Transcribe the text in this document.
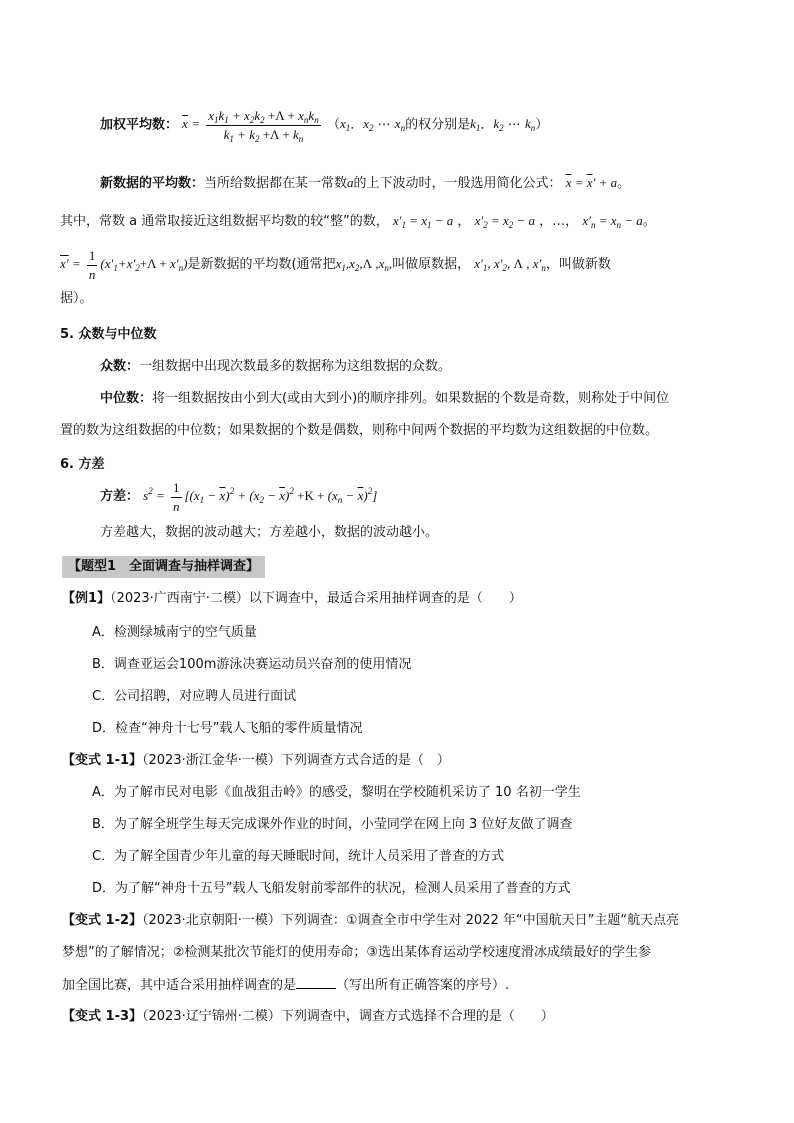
加权平均数： $\overline{x} = \frac{x_1k_1 + x_2k_2 +\Lambda + x_nk_n}{k_1 + k_2 +\Lambda + k_n} (x_1$．$x_2$ ⋯ $x_n$的权分别是$k_1$．$k_2$ ⋯ $k_n$）
新数据的平均数：当所给数据都在某一常数a的上下波动时，一般选用简化公式： $\overline{x} = \overline{x}' + a$。
其中，常数 a 通常取接近这组数据平均数的较“整”的数， $x'_1 = x_1 - a$ ， $x'_2 = x_2 - a$ ，…， $x'_n = x_n - a$。
$x' = \frac{1}{n} (x'_1+x'_2+\Lambda + x'_n)$是新数据的平均数(通常把$x_1,x_2,\Lambda$ $,x_n$,叫做原数据， $x'_1$, $x'_2$, Λ , $x'_n$，叫做新数
据）。
5. 众数与中位数
众数：一组数据中出现次数最多的数据称为这组数据的众数。
中位数：将一组数据按由小到大(或由大到小)的顺序排列。如果数据的个数是奇数，则称处于中间位
置的数为这组数据的中位数；如果数据的个数是偶数，则称中间两个数据的平均数为这组数据的中位数。
6. 方差
方差： $s^2 = \frac{1}{n} [(x_1 - \overline{x})^2 + (x_2 - \overline{x})^2 +K + (x_n - \overline{x})^2]$
方差越大，数据的波动越大；方差越小，数据的波动越小。
【题型1　全面调查与抽样调查】
【例1】（2023·广西南宁·二模）以下调查中，最适合采用抽样调查的是（　　）
A．检测绿城南宁的空气质量
B．调查亚运会100m游泳决赛运动员兴奋剂的使用情况
C．公司招聘，对应聘人员进行面试
D．检查“神舟十七号”载人飞船的零件质量情况
【变式 1-1】（2023·浙江金华·一模）下列调查方式合适的是（　）
A．为了解市民对电影《血战狙击岭》的感受，黎明在学校随机采访了 10 名初一学生
B．为了解全班学生每天完成课外作业的时间，小莹同学在网上向 3 位好友做了调查
C．为了解全国青少年儿童的每天睡眠时间，统计人员采用了普查的方式
D．为了解“神舟十五号”载人飞船发射前零部件的状况，检测人员采用了普查的方式
【变式 1-2】（2023·北京朝阳·一模）下列调查：①调查全市中学生对 2022 年“中国航天日”主题“航天点亮
梦想”的了解情况；②检测某批次节能灯的使用寿命；③选出某体育运动学校速度滑冰成绩最好的学生参
加全国比赛，其中适合采用抽样调查的是	（写出所有正确答案的序号）.
【变式 1-3】（2023·辽宁锦州·二模）下列调查中，调查方式选择不合理的是（　　）
